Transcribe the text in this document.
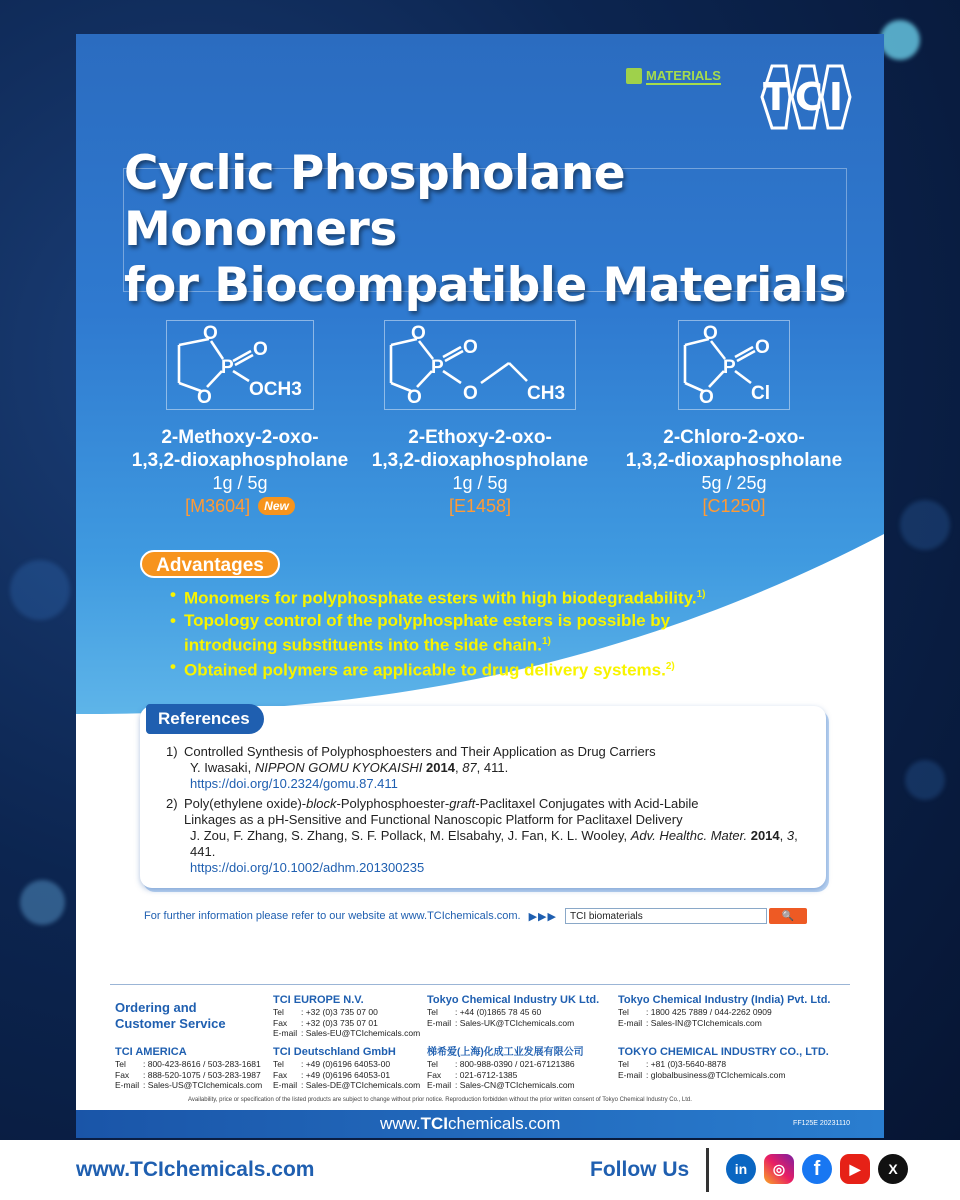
MATERIALS TCI
Cyclic Phospholane Monomers
for Biocompatible Materials
O
P
O
O OCH3
2-Methoxy-2-oxo-
1,3,2-dioxaphospholane
1g / 5g
[M3604]	New
O
P
O
O O	CH3
2-Ethoxy-2-oxo-
1,3,2-dioxaphospholane
1g / 5g
[E1458]
O
P
O
O Cl
2-Chloro-2-oxo-
1,3,2-dioxaphospholane
5g / 25g
[C1250]
Advantages
• Monomers for polyphosphate esters with high biodegradability.$^{1)}$
• Topology control of the polyphosphate esters is possible by
introducing substituents into the side chain.$^{1)}$
• Obtained polymers are applicable to drug delivery systems.$^{2)}$
References
1) Controlled Synthesis of Polyphosphoesters and Their Application as Drug Carriers
Y. Iwasaki, NIPPON GOMU KYOKAISHI 2014, 87, 411.
https://doi.org/10.2324/gomu.87.411
2) Poly(ethylene oxide)-block-Polyphosphoester-graft-Paclitaxel Conjugates with Acid-Labile
Linkages as a pH-Sensitive and Functional Nanoscopic Platform for Paclitaxel Delivery
J. Zou, F. Zhang, S. Zhang, S. F. Pollack, M. Elsabahy, J. Fan, K. L. Wooley, Adv. Healthc. Mater. 2014, 3, 441.
https://doi.org/10.1002/adhm.201300235
For further information please refer to our website at www.TCIchemicals.com. ▶▶▶	TCI biomaterials	🔍
Ordering and
Customer Service
TCI EUROPE N.V.
Tel	: +32 (0)3 735 07 00
Fax	: +32 (0)3 735 07 01
E-mail : Sales-EU@TCIchemicals.com
Tokyo Chemical Industry UK Ltd.
Tel	: +44 (0)1865 78 45 60
E-mail : Sales-UK@TCIchemicals.com
Tokyo Chemical Industry (India) Pvt. Ltd.
Tel	: 1800 425 7889 / 044-2262 0909
E-mail : Sales-IN@TCIchemicals.com
TCI AMERICA
Tel	: 800-423-8616 / 503-283-1681
Fax	: 888-520-1075 / 503-283-1987
E-mail : Sales-US@TCIchemicals.com
TCI Deutschland GmbH
Tel	: +49 (0)6196 64053-00
Fax	: +49 (0)6196 64053-01
E-mail : Sales-DE@TCIchemicals.com
梯希爱(上海)化成工业发展有限公司
Tel	: 800-988-0390 / 021-67121386
Fax	: 021-6712-1385
E-mail : Sales-CN@TCIchemicals.com
TOKYO CHEMICAL INDUSTRY CO., LTD.
Tel	: +81 (0)3-5640-8878
E-mail : globalbusiness@TCIchemicals.com
Availability, price or specification of the listed products are subject to change without prior notice. Reproduction forbidden without the prior written consent of Tokyo Chemical Industry Co., Ltd.
www.TCIchemicals.com	FF125E 20231110
www.TCIchemicals.com	Follow Us	in	◎	f	▶	X
